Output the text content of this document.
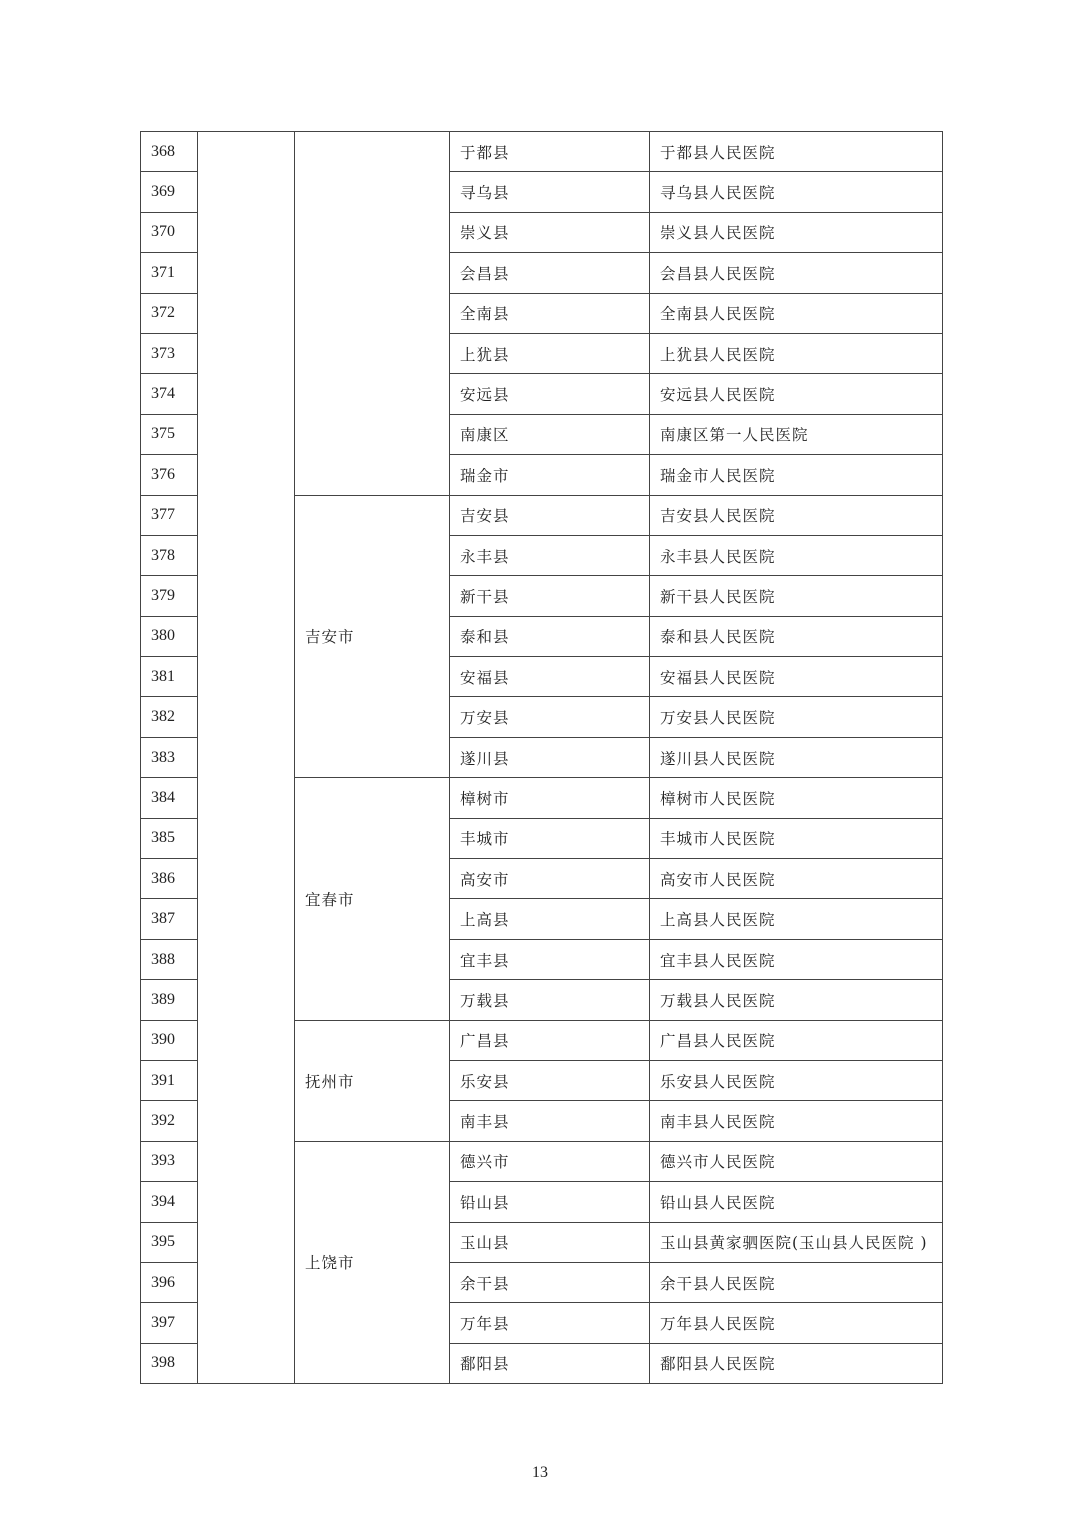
368			于都县	于都县人民医院
369			寻乌县	寻乌县人民医院
370			崇义县	崇义县人民医院
371			会昌县	会昌县人民医院
372			全南县	全南县人民医院
373			上犹县	上犹县人民医院
374			安远县	安远县人民医院
375			南康区	南康区第一人民医院
376			瑞金市	瑞金市人民医院
377		吉安市	吉安县	吉安县人民医院
378			永丰县	永丰县人民医院
379			新干县	新干县人民医院
380			泰和县	泰和县人民医院
381			安福县	安福县人民医院
382			万安县	万安县人民医院
383			遂川县	遂川县人民医院
384		宜春市	樟树市	樟树市人民医院
385			丰城市	丰城市人民医院
386			高安市	高安市人民医院
387			上高县	上高县人民医院
388			宜丰县	宜丰县人民医院
389			万载县	万载县人民医院
390		抚州市	广昌县	广昌县人民医院
391			乐安县	乐安县人民医院
392			南丰县	南丰县人民医院
393		上饶市	德兴市	德兴市人民医院
394			铅山县	铅山县人民医院
395			玉山县	玉山县黄家驷医院(玉山县人民医院 )
396			余干县	余干县人民医院
397			万年县	万年县人民医院
398			鄱阳县	鄱阳县人民医院
13
